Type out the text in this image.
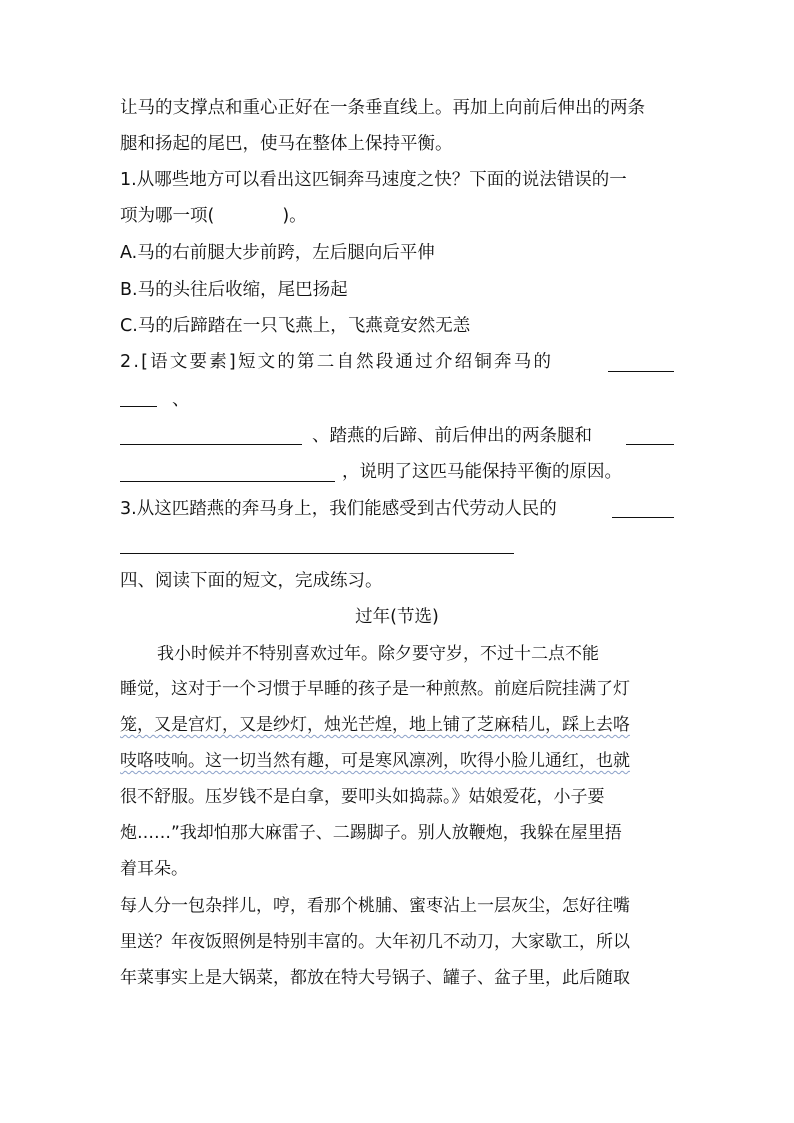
让马的支撑点和重心正好在一条垂直线上。再加上向前后伸出的两条
腿和扬起的尾巴，使马在整体上保持平衡。
1.从哪些地方可以看出这匹铜奔马速度之快？下面的说法错误的一
项为哪一项(	)。
A.马的右前腿大步前跨，左后腿向后平伸
B.马的头往后收缩，尾巴扬起
C.马的后蹄踏在一只飞燕上，飞燕竟安然无恙
2.[语文要素]短文的第二自然段通过介绍铜奔马的
、
、踏燕的后蹄、前后伸出的两条腿和
，说明了这匹马能保持平衡的原因。
3.从这匹踏燕的奔马身上，我们能感受到古代劳动人民的
四、阅读下面的短文，完成练习。
过年(节选)
我小时候并不特别喜欢过年。除夕要守岁，不过十二点不能
睡觉，这对于一个习惯于早睡的孩子是一种煎熬。前庭后院挂满了灯
笼，又是宫灯，又是纱灯，烛光芒煌，地上铺了芝麻秸儿，踩上去咯
吱咯吱响。这一切当然有趣，可是寒风凛冽，吹得小脸儿通红，也就
很不舒服。压岁钱不是白拿，要叩头如捣蒜。》姑娘爱花，小子要
炮……”我却怕那大麻雷子、二踢脚子。别人放鞭炮，我躲在屋里捂
着耳朵。
每人分一包杂拌儿，哼，看那个桃脯、蜜枣沾上一层灰尘，怎好往嘴
里送？年夜饭照例是特别丰富的。大年初几不动刀，大家歇工，所以
年菜事实上是大锅菜，都放在特大号锅子、罐子、盆子里，此后随取
